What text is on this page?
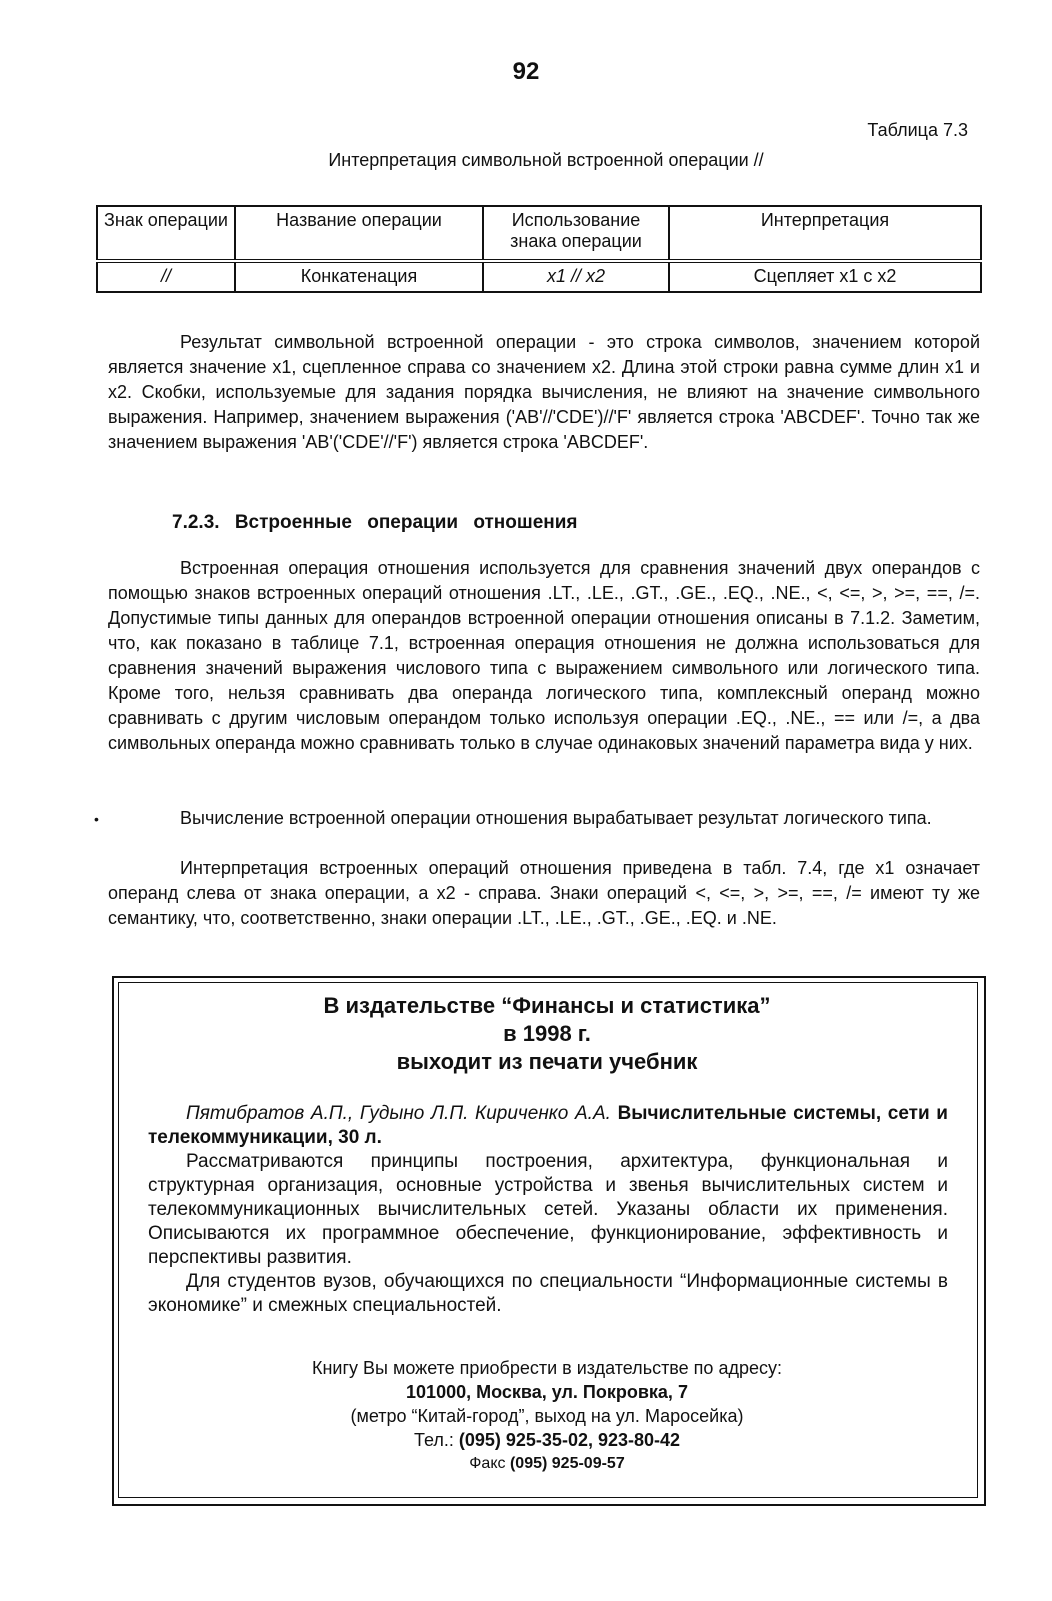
92
Таблица 7.3
Интерпретация символьной встроенной операции //
Знак операции	Название операции	Использование знака операции	Интерпретация
//	Конкатенация	x1 // x2	Сцепляет x1 с x2

Результат символьной встроенной операции - это строка символов, значением которой является значение x1, сцепленное справа со значением x2. Длина этой строки равна сумме длин x1 и x2. Скобки, используемые для задания порядка вычисления, не влияют на значение символьного выражения. Например, значением выражения ('AB'//'CDE')//'F' является строка 'ABCDEF'. Точно так же значением выражения 'AB'('CDE'//'F') является строка 'ABCDEF'.

7.2.3. Встроенные операции отношения

Встроенная операция отношения используется для сравнения значений двух операндов с помощью знаков встроенных операций отношения .LT., .LE., .GT., .GE., .EQ., .NE., <, <=, >, >=, ==, /=. Допустимые типы данных для операндов встроенной операции отношения описаны в 7.1.2. Заметим, что, как показано в таблице 7.1, встроенная операция отношения не должна использоваться для сравнения значений выражения числового типа с выражением символьного или логического типа. Кроме того, нельзя сравнивать два операнда логического типа, комплексный операнд можно сравнивать с другим числовым операндом только используя операции .EQ., .NE., == или /=, а два символьных операнда можно сравнивать только в случае одинаковых значений параметра вида у них.

•	Вычисление встроенной операции отношения вырабатывает результат логического типа.

Интерпретация встроенных операций отношения приведена в табл. 7.4, где x1 означает операнд слева от знака операции, а x2 - справа. Знаки операций <, <=, >, >=, ==, /= имеют ту же семантику, что, соответственно, знаки операции .LT., .LE., .GT., .GE., .EQ. и .NE.

В издательстве “Финансы и статистика”
в 1998 г.
выходит из печати учебник

Пятибратов А.П., Гудыно Л.П. Кириченко А.А. Вычислительные системы, сети и телекоммуникации, 30 л.

Рассматриваются принципы построения, архитектура, функциональная и структурная организация, основные устройства и звенья вычислительных систем и телекоммуникационных вычислительных сетей. Указаны области их применения. Описываются их программное обеспечение, функционирование, эффективность и перспективы развития.

Для студентов вузов, обучающихся по специальности “Информационные системы в экономике” и смежных специальностей.

Книгу Вы можете приобрести в издательстве по адресу:
101000, Москва, ул. Покровка, 7
(метро “Китай-город”, выход на ул. Маросейка)
Тел.: (095) 925-35-02, 923-80-42
Факс (095) 925-09-57
